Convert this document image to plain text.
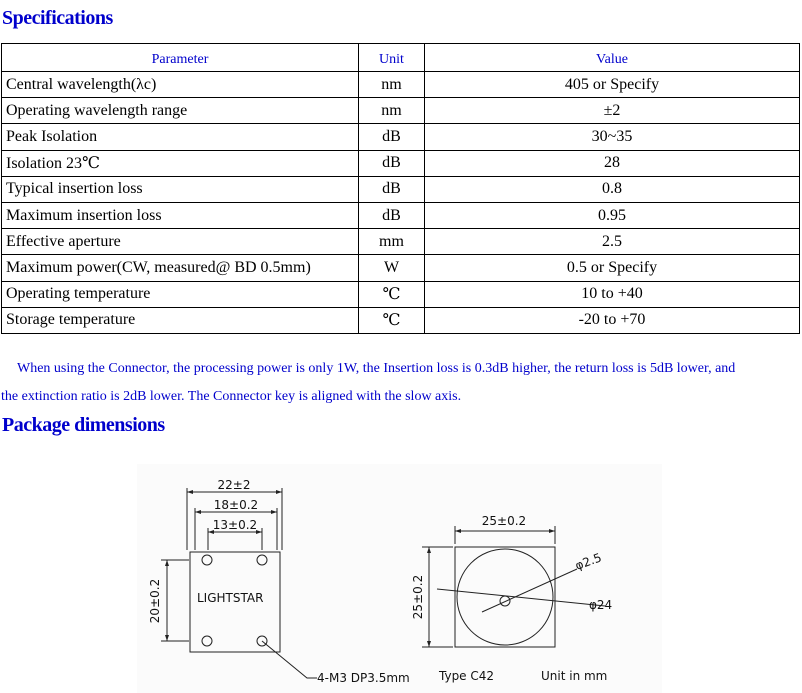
Specifications
Parameter	Unit	Value
Central wavelength(λc)	nm	405 or Specify
Operating wavelength range	nm	±2
Peak Isolation	dB	30~35
Isolation 23℃	dB	28
Typical insertion loss	dB	0.8
Maximum insertion loss	dB	0.95
Effective aperture	mm	2.5
Maximum power(CW, measured@ BD 0.5mm)	W	0.5 or Specify
Operating temperature	℃	10 to +40
Storage temperature	℃	-20 to +70
When using the Connector, the processing power is only 1W, the Insertion loss is 0.3dB higher, the return loss is 5dB lower, and
the extinction ratio is 2dB lower. The Connector key is aligned with the slow axis.
Package dimensions
22±2
18±0.2
13±0.2
LIGHTSTAR
20±0.2
25±0.2
25±0.2
φ2.5
φ24
4-M3 DP3.5mm Type C42	Unit in mm
